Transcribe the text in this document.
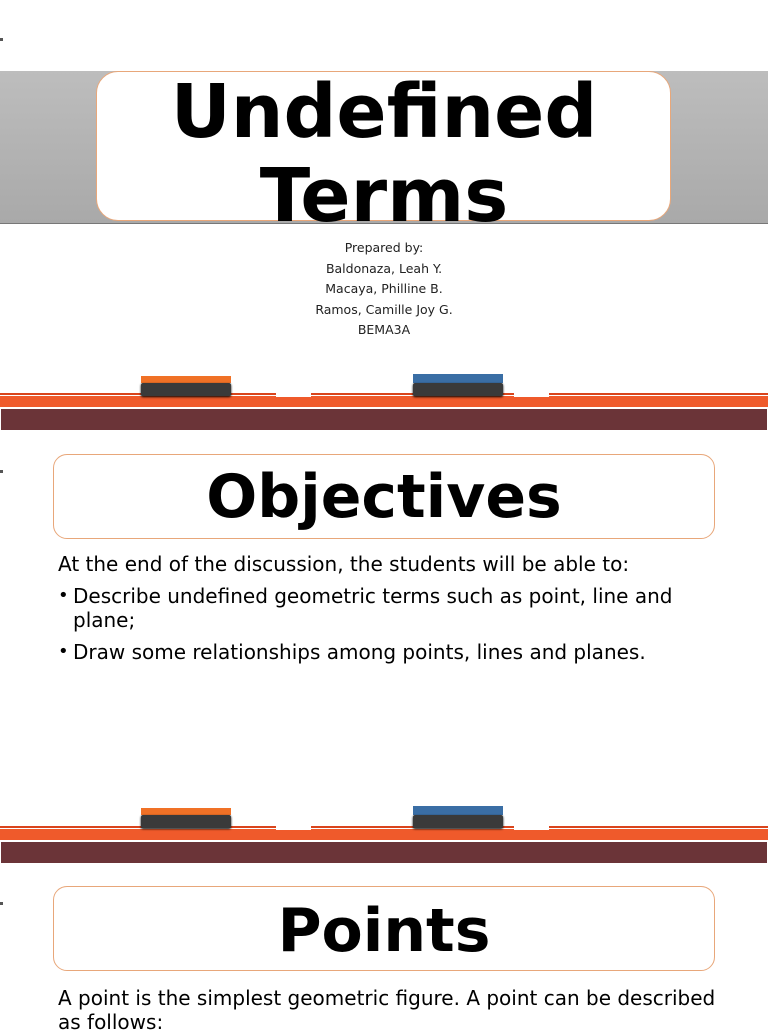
Undefined
Terms
Prepared by:
Baldonaza, Leah Y.
Macaya, Philline B.
Ramos, Camille Joy G.
BEMA3A
Objectives
At the end of the discussion, the students will be able to:
• Describe undefined geometric terms such as point, line and plane;
• Draw some relationships among points, lines and planes.
Points
A point is the simplest geometric figure. A point can be described as follows:
